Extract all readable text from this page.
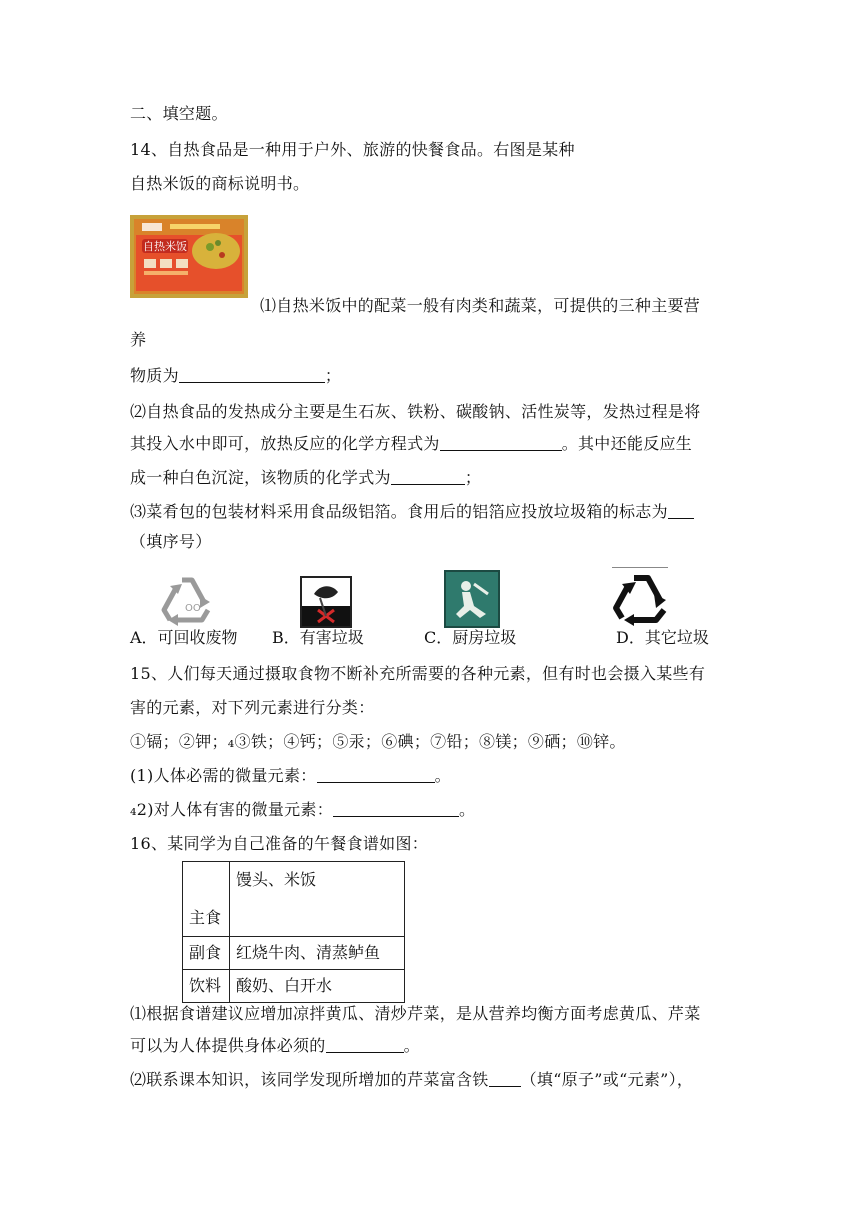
二、填空题。
14、自热食品是一种用于户外、旅游的快餐食品。右图是某种
自热米饭的商标说明书。
自热米饭
⑴自热米饭中的配菜一般有肉类和蔬菜，可提供的三种主要营
养
物质为	；
⑵自热食品的发热成分主要是生石灰、铁粉、碳酸钠、活性炭等，发热过程是将
其投入水中即可，放热反应的化学方程式为	。其中还能反应生
成一种白色沉淀，该物质的化学式为	；
⑶菜肴包的包装材料采用食品级铝箔。食用后的铝箔应投放垃圾箱的标志为
（填序号）
OO
A．可回收废物 B．有害垃圾	C．厨房垃圾	D．其它垃圾
15、人们每天通过摄取食物不断补充所需要的各种元素，但有时也会摄入某些有
害的元素，对下列元素进行分类：
①镉；②钾；₄③铁；④钙；⑤汞；⑥碘；⑦铅；⑧镁；⑨硒；⑩锌。
(1)人体必需的微量元素：	。
₄2)对人体有害的微量元素：	。
16、某同学为自己准备的午餐食谱如图：
主食	馒头、米饭
副食	红烧牛肉、清蒸鲈鱼
饮料	酸奶、白开水
⑴根据食谱建议应增加凉拌黄瓜、清炒芹菜，是从营养均衡方面考虑黄瓜、芹菜
可以为人体提供身体必须的	。
⑵联系课本知识，该同学发现所增加的芹菜富含铁 （填“原子”或“元素”），
